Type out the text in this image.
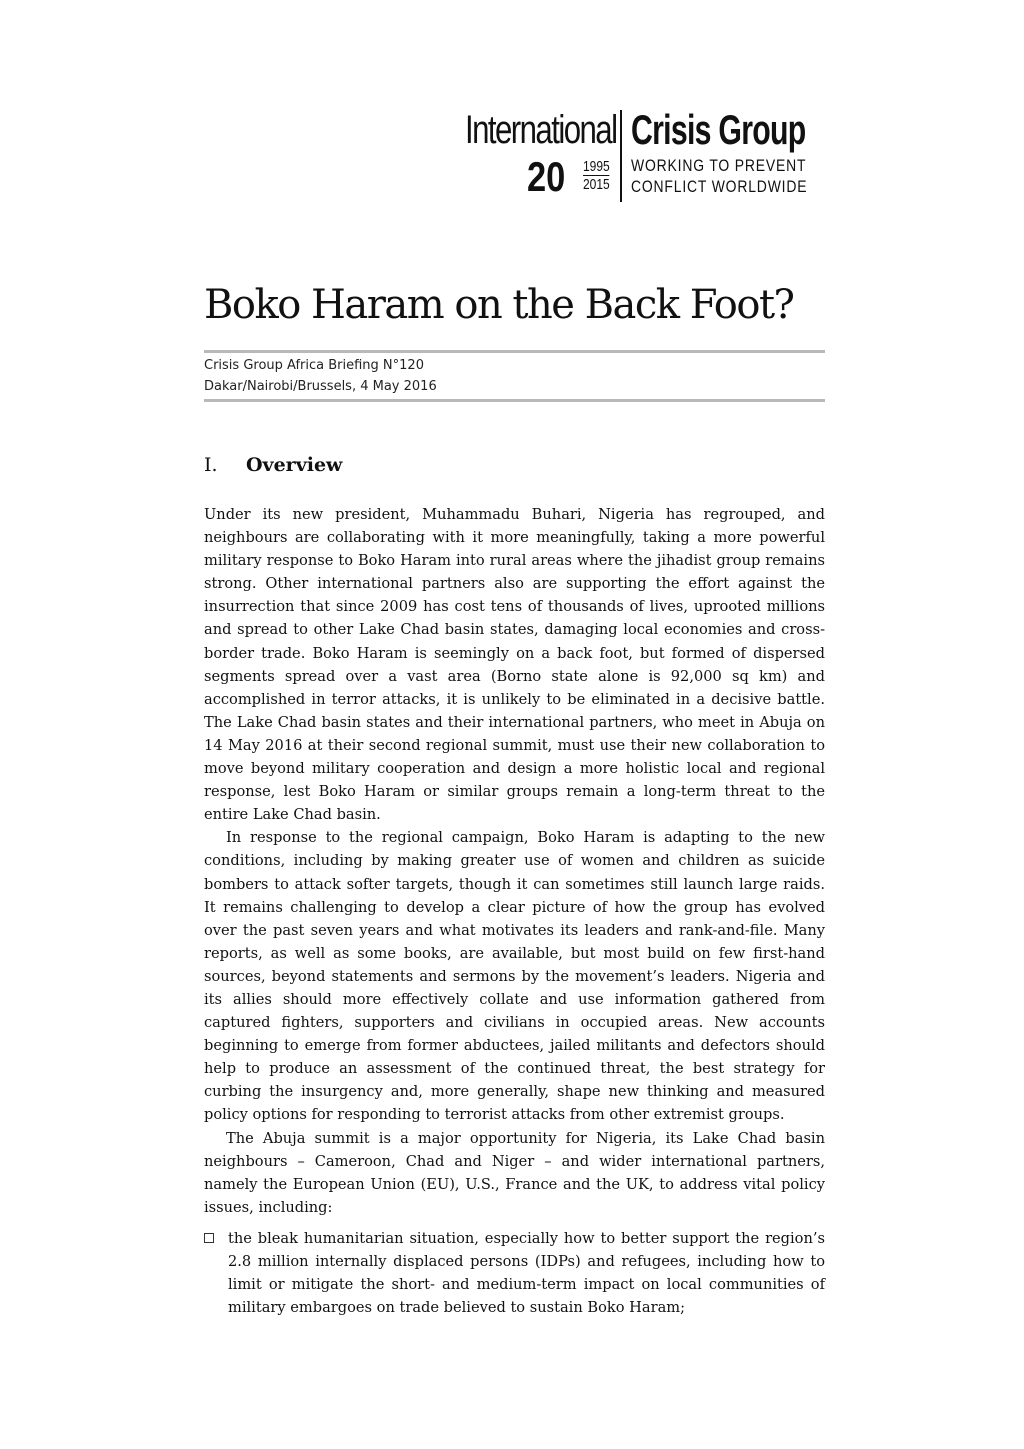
International Crisis Group
20 1995
2015
WORKING TO PREVENT
CONFLICT WORLDWIDE
Boko Haram on the Back Foot?
Crisis Group Africa Briefing N°120
Dakar/Nairobi/Brussels, 4 May 2016
I. Overview

Under its new president, Muhammadu Buhari, Nigeria has regrouped, and neighbours are collaborating with it more meaningfully, taking a more powerful military response to Boko Haram into rural areas where the jihadist group remains strong. Other international partners also are supporting the effort against the insurrection that since 2009 has cost tens of thousands of lives, uprooted millions and spread to other Lake Chad basin states, damaging local economies and cross-border trade. Boko Haram is seemingly on a back foot, but formed of dispersed segments spread over a vast area (Borno state alone is 92,000 sq km) and accomplished in terror attacks, it is unlikely to be eliminated in a decisive battle. The Lake Chad basin states and their international partners, who meet in Abuja on 14 May 2016 at their second regional summit, must use their new collaboration to move beyond military cooperation and design a more holistic local and regional response, lest Boko Haram or similar groups remain a long-term threat to the entire Lake Chad basin.

In response to the regional campaign, Boko Haram is adapting to the new conditions, including by making greater use of women and children as suicide bombers to attack softer targets, though it can sometimes still launch large raids. It remains challenging to develop a clear picture of how the group has evolved over the past seven years and what motivates its leaders and rank-and-file. Many reports, as well as some books, are available, but most build on few first-hand sources, beyond statements and sermons by the movement’s leaders. Nigeria and its allies should more effectively collate and use information gathered from captured fighters, supporters and civilians in occupied areas. New accounts beginning to emerge from former abductees, jailed militants and defectors should help to produce an assessment of the continued threat, the best strategy for curbing the insurgency and, more generally, shape new thinking and measured policy options for responding to terrorist attacks from other extremist groups.

The Abuja summit is a major opportunity for Nigeria, its Lake Chad basin neighbours – Cameroon, Chad and Niger – and wider international partners, namely the European Union (EU), U.S., France and the UK, to address vital policy issues, including:

the bleak humanitarian situation, especially how to better support the region’s 2.8 million internally displaced persons (IDPs) and refugees, including how to limit or mitigate the short- and medium-term impact on local communities of military embargoes on trade believed to sustain Boko Haram;
